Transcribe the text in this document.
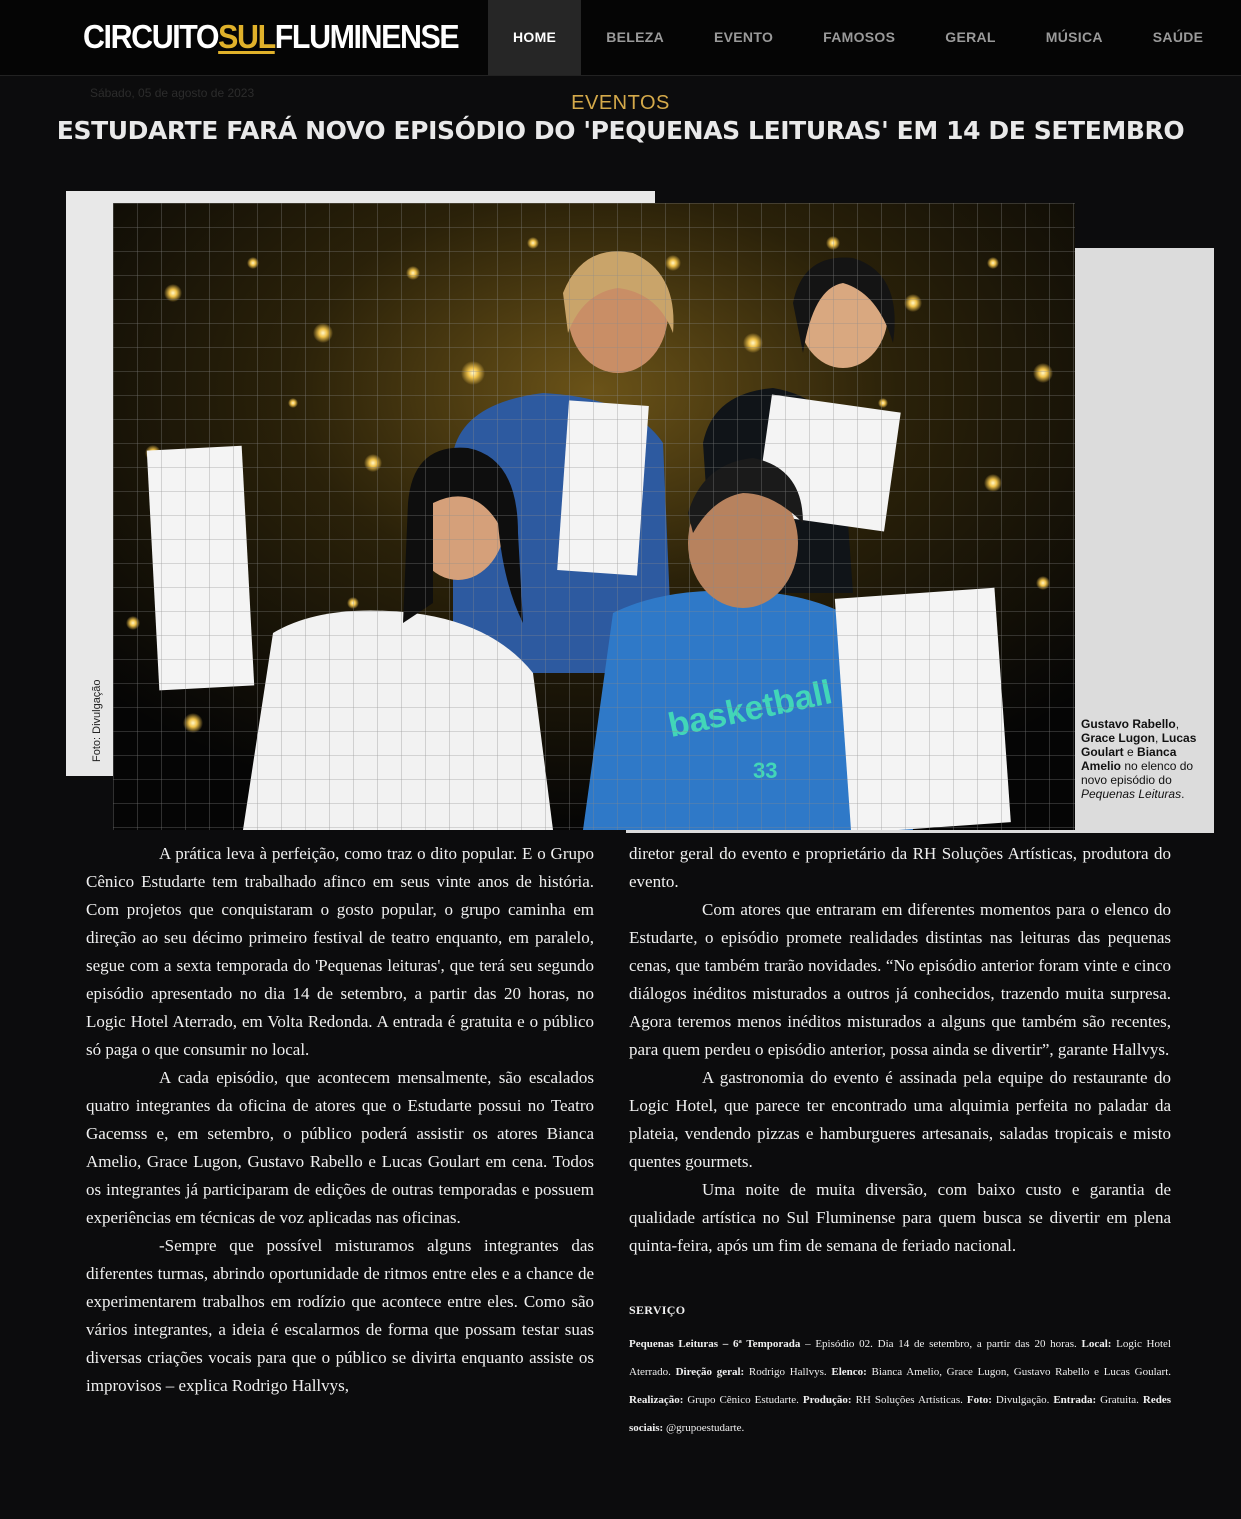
CIRCUITOSULFLUMINENSE	HOME	BELEZA	EVENTO	FAMOSOS	GERAL	MÚSICA	SAÚDE
Sábado, 05 de agosto de 2023	EVENTOS
ESTUDARTE FARÁ NOVO EPISÓDIO DO 'PEQUENAS LEITURAS' EM 14 DE SETEMBRO
Foto: Divulgação	Gustavo Rabello, Grace Lugon, Lucas Goulart e Bianca Amelio no elenco do novo episódio do Pequenas Leituras.

A prática leva à perfeição, como traz o dito popular. E o Grupo Cênico Estudarte tem trabalhado afinco em seus vinte anos de história. Com projetos que conquistaram o gosto popular, o grupo caminha em direção ao seu décimo primeiro festival de teatro enquanto, em paralelo, segue com a sexta temporada do 'Pequenas leituras', que terá seu segundo episódio apresentado no dia 14 de setembro, a partir das 20 horas, no Logic Hotel Aterrado, em Volta Redonda. A entrada é gratuita e o público só paga o que consumir no local.

A cada episódio, que acontecem mensalmente, são escalados quatro integrantes da oficina de atores que o Estudarte possui no Teatro Gacemss e, em setembro, o público poderá assistir os atores Bianca Amelio, Grace Lugon, Gustavo Rabello e Lucas Goulart em cena. Todos os integrantes já participaram de edições de outras temporadas e possuem experiências em técnicas de voz aplicadas nas oficinas.

-Sempre que possível misturamos alguns integrantes das diferentes turmas, abrindo oportunidade de ritmos entre eles e a chance de experimentarem trabalhos em rodízio que acontece entre eles. Como são vários integrantes, a ideia é escalarmos de forma que possam testar suas diversas criações vocais para que o público se divirta enquanto assiste os improvisos – explica Rodrigo Hallvys,

diretor geral do evento e proprietário da RH Soluções Artísticas, produtora do evento.

Com atores que entraram em diferentes momentos para o elenco do Estudarte, o episódio promete realidades distintas nas leituras das pequenas cenas, que também trarão novidades. “No episódio anterior foram vinte e cinco diálogos inéditos misturados a outros já conhecidos, trazendo muita surpresa. Agora teremos menos inéditos misturados a alguns que também são recentes, para quem perdeu o episódio anterior, possa ainda se divertir”, garante Hallvys.

A gastronomia do evento é assinada pela equipe do restaurante do Logic Hotel, que parece ter encontrado uma alquimia perfeita no paladar da plateia, vendendo pizzas e hamburgueres artesanais, saladas tropicais e misto quentes gourmets.

Uma noite de muita diversão, com baixo custo e garantia de qualidade artística no Sul Fluminense para quem busca se divertir em plena quinta-feira, após um fim de semana de feriado nacional.

SERVIÇO

Pequenas Leituras – 6ª Temporada – Episódio 02. Dia 14 de setembro, a partir das 20 horas. Local: Logic Hotel Aterrado. Direção geral: Rodrigo Hallvys. Elenco: Bianca Amelio, Grace Lugon, Gustavo Rabello e Lucas Goulart. Realização: Grupo Cênico Estudarte. Produção: RH Soluções Artísticas. Foto: Divulgação. Entrada: Gratuita. Redes sociais: @grupoestudarte.
